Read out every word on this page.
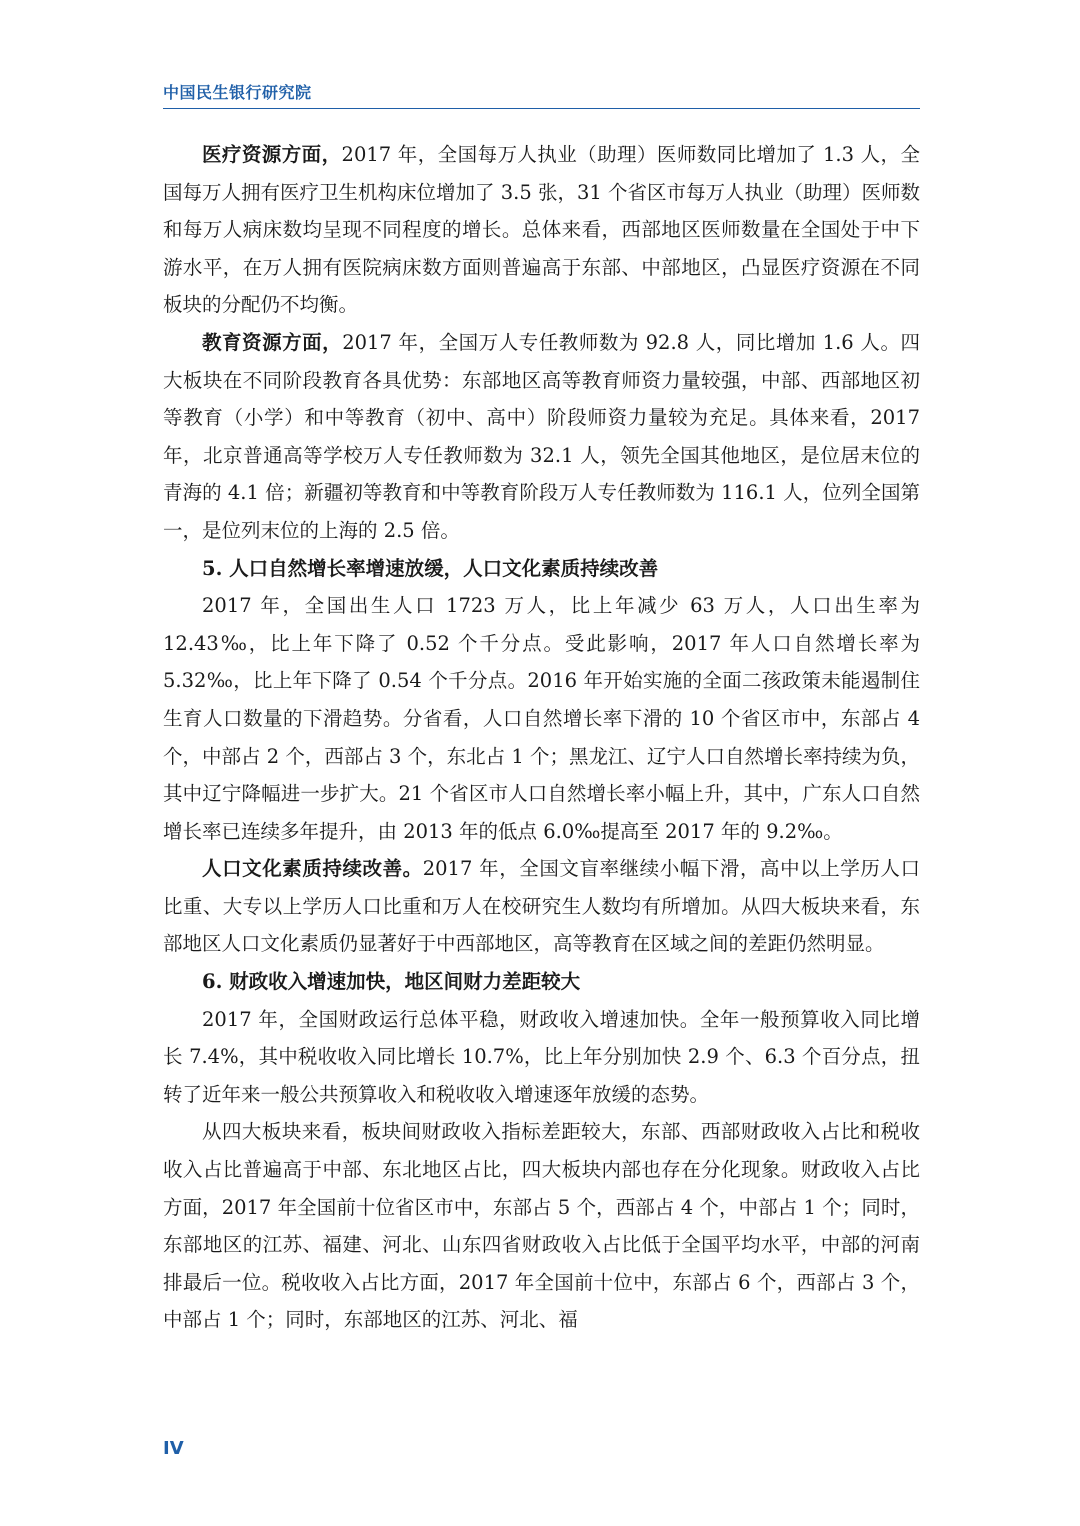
中国民生银行研究院

医疗资源方面，2017 年，全国每万人执业（助理）医师数同比增加了 1.3 人，全国每万人拥有医疗卫生机构床位增加了 3.5 张，31 个省区市每万人执业（助理）医师数和每万人病床数均呈现不同程度的增长。总体来看，西部地区医师数量在全国处于中下游水平，在万人拥有医院病床数方面则普遍高于东部、中部地区，凸显医疗资源在不同板块的分配仍不均衡。

教育资源方面，2017 年，全国万人专任教师数为 92.8 人，同比增加 1.6 人。四大板块在不同阶段教育各具优势：东部地区高等教育师资力量较强，中部、西部地区初等教育（小学）和中等教育（初中、高中）阶段师资力量较为充足。具体来看，2017 年，北京普通高等学校万人专任教师数为 32.1 人，领先全国其他地区，是位居末位的青海的 4.1 倍；新疆初等教育和中等教育阶段万人专任教师数为 116.1 人，位列全国第一，是位列末位的上海的 2.5 倍。

5. 人口自然增长率增速放缓，人口文化素质持续改善

2017 年，全国出生人口 1723 万人，比上年减少 63 万人，人口出生率为 12.43‰，比上年下降了 0.52 个千分点。受此影响，2017 年人口自然增长率为 5.32‰，比上年下降了 0.54 个千分点。2016 年开始实施的全面二孩政策未能遏制住生育人口数量的下滑趋势。分省看，人口自然增长率下滑的 10 个省区市中，东部占 4 个，中部占 2 个，西部占 3 个，东北占 1 个；黑龙江、辽宁人口自然增长率持续为负，其中辽宁降幅进一步扩大。21 个省区市人口自然增长率小幅上升，其中，广东人口自然增长率已连续多年提升，由 2013 年的低点 6.0‰提高至 2017 年的 9.2‰。

人口文化素质持续改善。2017 年，全国文盲率继续小幅下滑，高中以上学历人口比重、大专以上学历人口比重和万人在校研究生人数均有所增加。从四大板块来看，东部地区人口文化素质仍显著好于中西部地区，高等教育在区域之间的差距仍然明显。

6. 财政收入增速加快，地区间财力差距较大

2017 年，全国财政运行总体平稳，财政收入增速加快。全年一般预算收入同比增长 7.4%，其中税收收入同比增长 10.7%，比上年分别加快 2.9 个、6.3 个百分点，扭转了近年来一般公共预算收入和税收收入增速逐年放缓的态势。

从四大板块来看，板块间财政收入指标差距较大，东部、西部财政收入占比和税收收入占比普遍高于中部、东北地区占比，四大板块内部也存在分化现象。财政收入占比方面，2017 年全国前十位省区市中，东部占 5 个，西部占 4 个，中部占 1 个；同时，东部地区的江苏、福建、河北、山东四省财政收入占比低于全国平均水平，中部的河南排最后一位。税收收入占比方面，2017 年全国前十位中，东部占 6 个，西部占 3 个，中部占 1 个；同时，东部地区的江苏、河北、福

IV
